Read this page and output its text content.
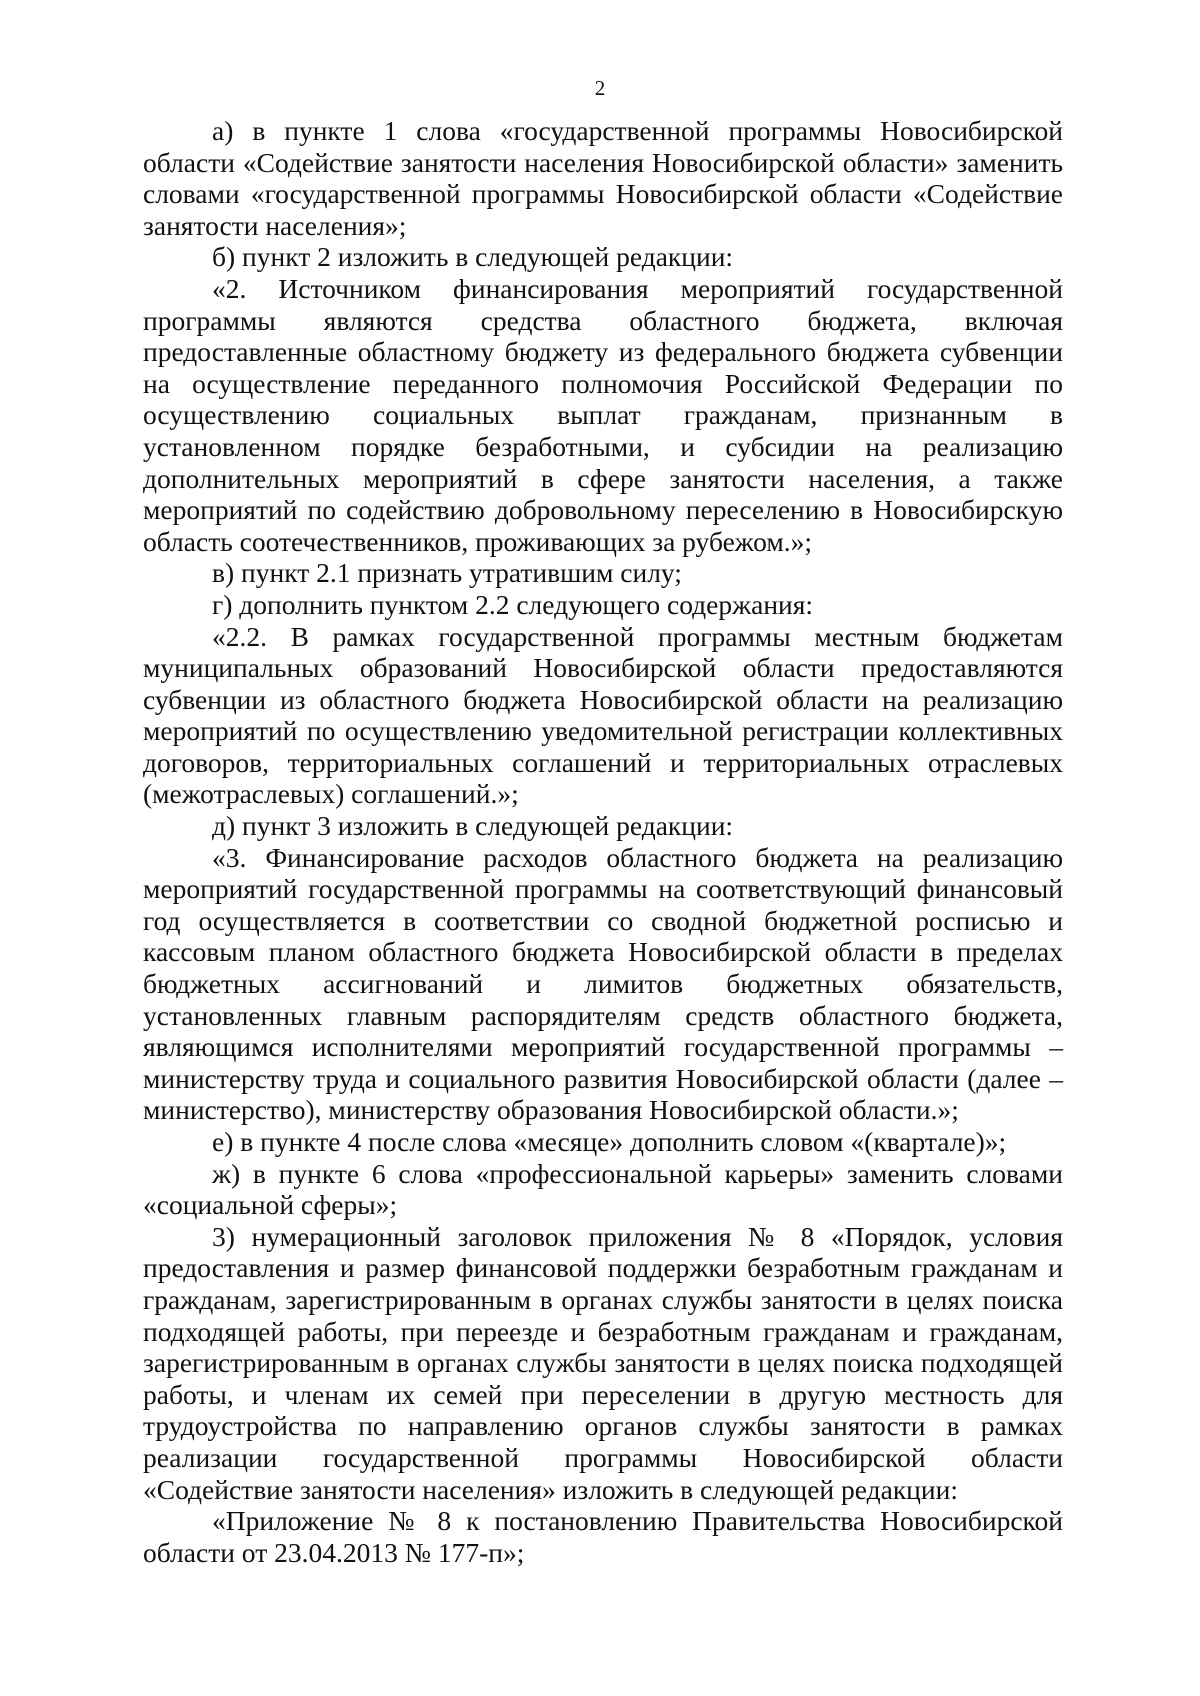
2

а) в пункте 1 слова «государственной программы Новосибирской области «Содействие занятости населения Новосибирской области» заменить словами «государственной программы Новосибирской области «Содействие занятости населения»;

б) пункт 2 изложить в следующей редакции:

«2. Источником финансирования мероприятий государственной программы являются средства областного бюджета, включая предоставленные областному бюджету из федерального бюджета субвенции на осуществление переданного полномочия Российской Федерации по осуществлению социальных выплат гражданам, признанным в установленном порядке безработными, и субсидии на реализацию дополнительных мероприятий в сфере занятости населения, а также мероприятий по содействию добровольному переселению в Новосибирскую область соотечественников, проживающих за рубежом.»;

в) пункт 2.1 признать утратившим силу;

г) дополнить пунктом 2.2 следующего содержания:

«2.2. В рамках государственной программы местным бюджетам муниципальных образований Новосибирской области предоставляются субвенции из областного бюджета Новосибирской области на реализацию мероприятий по осуществлению уведомительной регистрации коллективных договоров, территориальных соглашений и территориальных отраслевых (межотраслевых) соглашений.»;

д) пункт 3 изложить в следующей редакции:

«3. Финансирование расходов областного бюджета на реализацию мероприятий государственной программы на соответствующий финансовый год осуществляется в соответствии со сводной бюджетной росписью и кассовым планом областного бюджета Новосибирской области в пределах бюджетных ассигнований и лимитов бюджетных обязательств, установленных главным распорядителям средств областного бюджета, являющимся исполнителями мероприятий государственной программы – министерству труда и социального развития Новосибирской области (далее – министерство), министерству образования Новосибирской области.»;

е) в пункте 4 после слова «месяце» дополнить словом «(квартале)»;

ж) в пункте 6 слова «профессиональной карьеры» заменить словами «социальной сферы»;

3) нумерационный заголовок приложения № 8 «Порядок, условия предоставления и размер финансовой поддержки безработным гражданам и гражданам, зарегистрированным в органах службы занятости в целях поиска подходящей работы, при переезде и безработным гражданам и гражданам, зарегистрированным в органах службы занятости в целях поиска подходящей работы, и членам их семей при переселении в другую местность для трудоустройства по направлению органов службы занятости в рамках реализации государственной программы Новосибирской области «Содействие занятости населения» изложить в следующей редакции:

«Приложение № 8 к постановлению Правительства Новосибирской области от 23.04.2013 № 177-п»;
